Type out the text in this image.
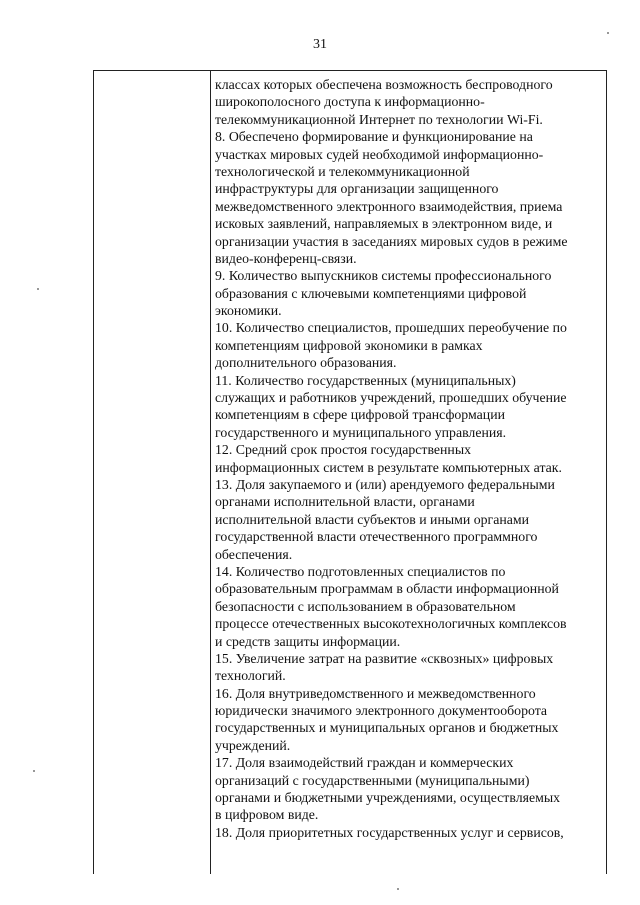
31
классах которых обеспечена возможность беспроводного
широкополосного доступа к информационно-
телекоммуникационной Интернет по технологии Wi-Fi.
8. Обеспечено формирование и функционирование на
участках мировых судей необходимой информационно-
технологической и телекоммуникационной
инфраструктуры для организации защищенного
межведомственного электронного взаимодействия, приема
исковых заявлений, направляемых в электронном виде, и
организации участия в заседаниях мировых судов в режиме
видео-конференц-связи.
9. Количество выпускников системы профессионального
образования с ключевыми компетенциями цифровой
экономики.
10. Количество специалистов, прошедших переобучение по
компетенциям цифровой экономики в рамках
дополнительного образования.
11. Количество государственных (муниципальных)
служащих и работников учреждений, прошедших обучение
компетенциям в сфере цифровой трансформации
государственного и муниципального управления.
12. Средний срок простоя государственных
информационных систем в результате компьютерных атак.
13. Доля закупаемого и (или) арендуемого федеральными
органами исполнительной власти, органами
исполнительной власти субъектов и иными органами
государственной власти отечественного программного
обеспечения.
14. Количество подготовленных специалистов по
образовательным программам в области информационной
безопасности с использованием в образовательном
процессе отечественных высокотехнологичных комплексов
и средств защиты информации.
15. Увеличение затрат на развитие «сквозных» цифровых
технологий.
16. Доля внутриведомственного и межведомственного
юридически значимого электронного документооборота
государственных и муниципальных органов и бюджетных
учреждений.
17. Доля взаимодействий граждан и коммерческих
организаций с государственными (муниципальными)
органами и бюджетными учреждениями, осуществляемых
в цифровом виде.
18. Доля приоритетных государственных услуг и сервисов,
